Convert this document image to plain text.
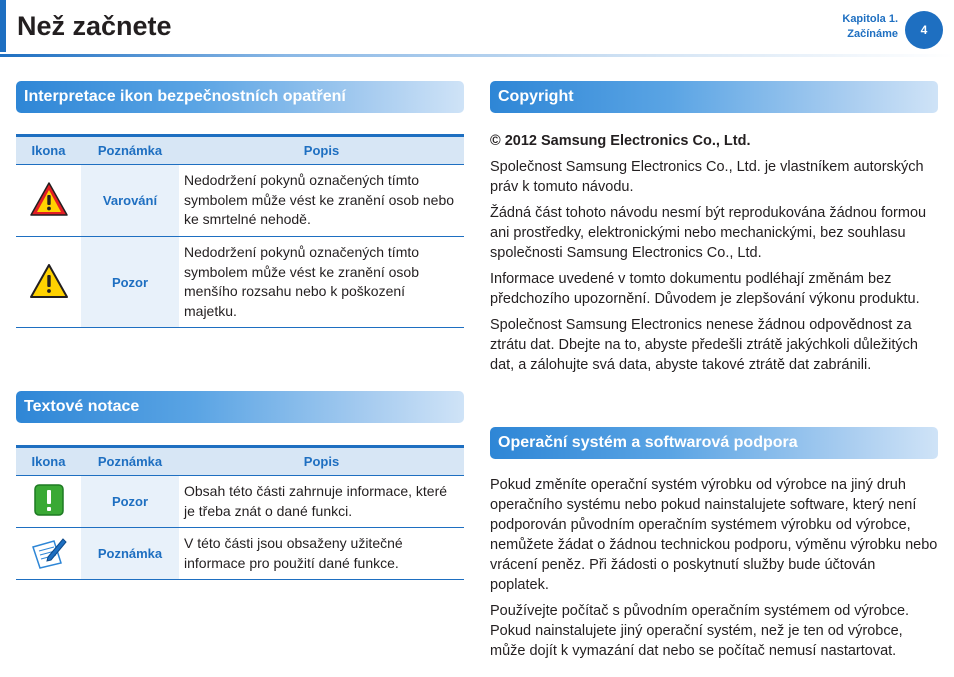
Než začnete	Kapitola 1.
Začínáme	4
Interpretace ikon bezpečnostních opatření
Ikona	Poznámka	Popis
	Varování	Nedodržení pokynů označených tímto symbolem může vést ke zranění osob nebo ke smrtelné nehodě.
	Pozor	Nedodržení pokynů označených tímto symbolem může vést ke zranění osob menšího rozsahu nebo k poškození majetku.
Textové notace
Ikona	Poznámka	Popis
	Pozor	Obsah této části zahrnuje informace, které je třeba znát o dané funkci.
	Poznámka	V této části jsou obsaženy užitečné informace pro použití dané funkce.
Copyright

© 2012 Samsung Electronics Co., Ltd.

Společnost Samsung Electronics Co., Ltd. je vlastníkem autorských práv k tomuto návodu.

Žádná část tohoto návodu nesmí být reprodukována žádnou formou ani prostředky, elektronickými nebo mechanickými, bez souhlasu společnosti Samsung Electronics Co., Ltd.

Informace uvedené v tomto dokumentu podléhají změnám bez předchozího upozornění. Důvodem je zlepšování výkonu produktu.

Společnost Samsung Electronics nenese žádnou odpovědnost za ztrátu dat. Dbejte na to, abyste předešli ztrátě jakýchkoli důležitých dat, a zálohujte svá data, abyste takové ztrátě dat zabránili.

Operační systém a softwarová podpora

Pokud změníte operační systém výrobku od výrobce na jiný druh operačního systému nebo pokud nainstalujete software, který není podporován původním operačním systémem výrobku od výrobce, nemůžete žádat o žádnou technickou podporu, výměnu výrobku nebo vrácení peněz. Při žádosti o poskytnutí služby bude účtován poplatek.

Používejte počítač s původním operačním systémem od výrobce. Pokud nainstalujete jiný operační systém, než je ten od výrobce, může dojít k vymazání dat nebo se počítač nemusí nastartovat.
